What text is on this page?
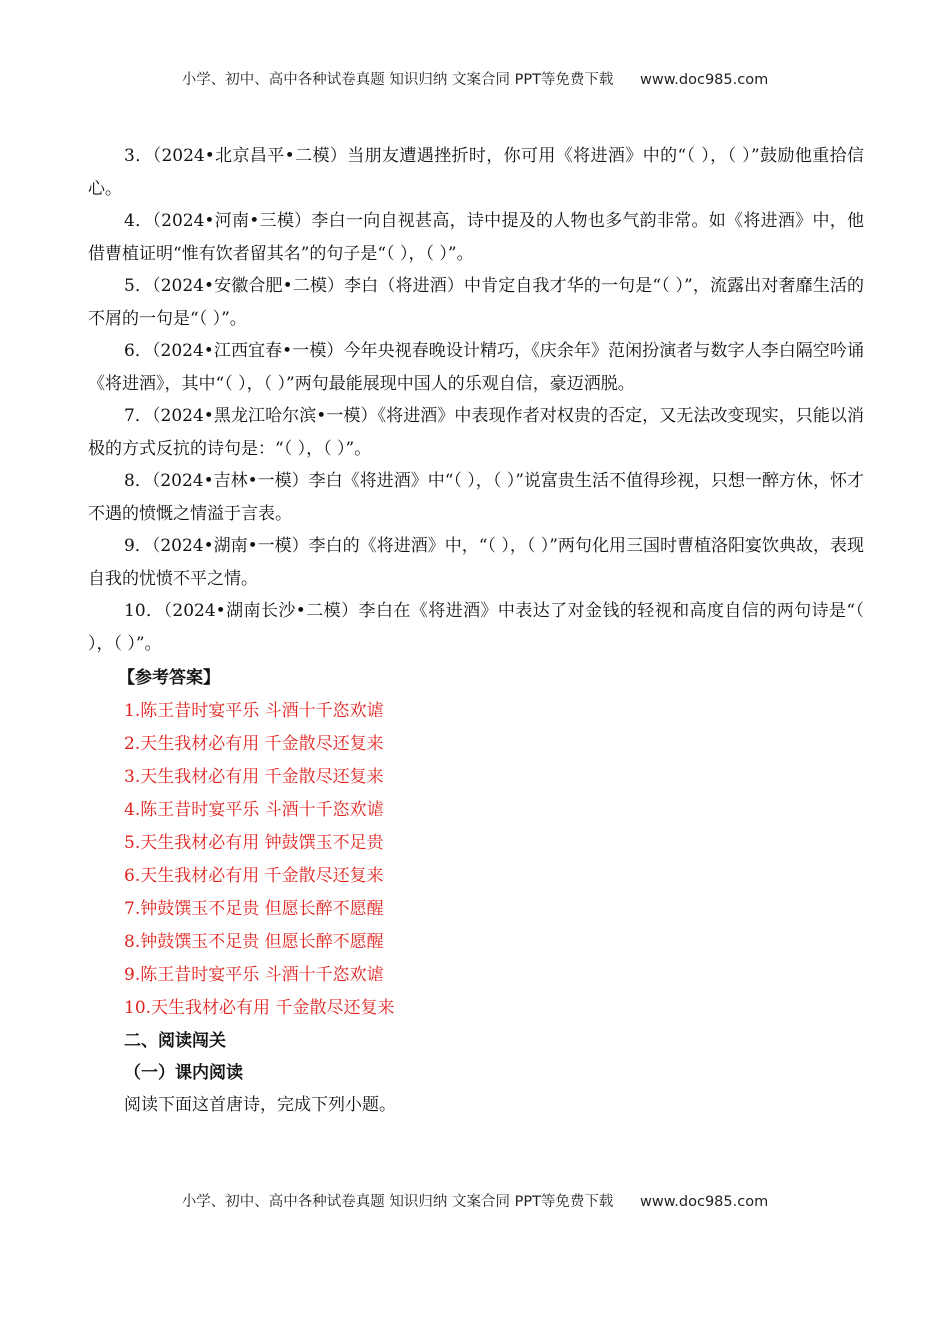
小学、初中、高中各种试卷真题 知识归纳 文案合同 PPT等免费下载 www.doc985.com

3．（2024•北京昌平•二模）当朋友遭遇挫折时，你可用《将进酒》中的“（ ），（ ）”鼓励他重拾信心。

4．（2024•河南•三模）李白一向自视甚高，诗中提及的人物也多气韵非常。如《将进酒》中，他借曹植证明“惟有饮者留其名”的句子是“（ ），（ ）”。

5．（2024•安徽合肥•二模）李白（将进酒）中肯定自我才华的一句是“（ ）”，流露出对奢靡生活的不屑的一句是“（ ）”。

6．（2024•江西宜春•一模）今年央视春晚设计精巧，《庆余年》范闲扮演者与数字人李白隔空吟诵《将进酒》，其中“（ ），（ ）”两句最能展现中国人的乐观自信，豪迈洒脱。

7．（2024•黑龙江哈尔滨•一模）《将进酒》中表现作者对权贵的否定，又无法改变现实，只能以消极的方式反抗的诗句是：“（ ），（ ）”。

8．（2024•吉林•一模）李白《将进酒》中“（ ），（ ）”说富贵生活不值得珍视，只想一醉方休，怀才不遇的愤慨之情溢于言表。

9．（2024•湖南•一模）李白的《将进酒》中，“（ ），（ ）”两句化用三国时曹植洛阳宴饮典故，表现自我的忧愤不平之情。

10．（2024•湖南长沙•二模）李白在《将进酒》中表达了对金钱的轻视和高度自信的两句诗是“（ ），（ ）”。

【参考答案】

1.陈王昔时宴平乐 斗酒十千恣欢谑

2.天生我材必有用 千金散尽还复来

3.天生我材必有用 千金散尽还复来

4.陈王昔时宴平乐 斗酒十千恣欢谑

5.天生我材必有用 钟鼓馔玉不足贵

6.天生我材必有用 千金散尽还复来

7.钟鼓馔玉不足贵 但愿长醉不愿醒

8.钟鼓馔玉不足贵 但愿长醉不愿醒

9.陈王昔时宴平乐 斗酒十千恣欢谑

10.天生我材必有用 千金散尽还复来

二、阅读闯关

（一）课内阅读

阅读下面这首唐诗，完成下列小题。

小学、初中、高中各种试卷真题 知识归纳 文案合同 PPT等免费下载 www.doc985.com
